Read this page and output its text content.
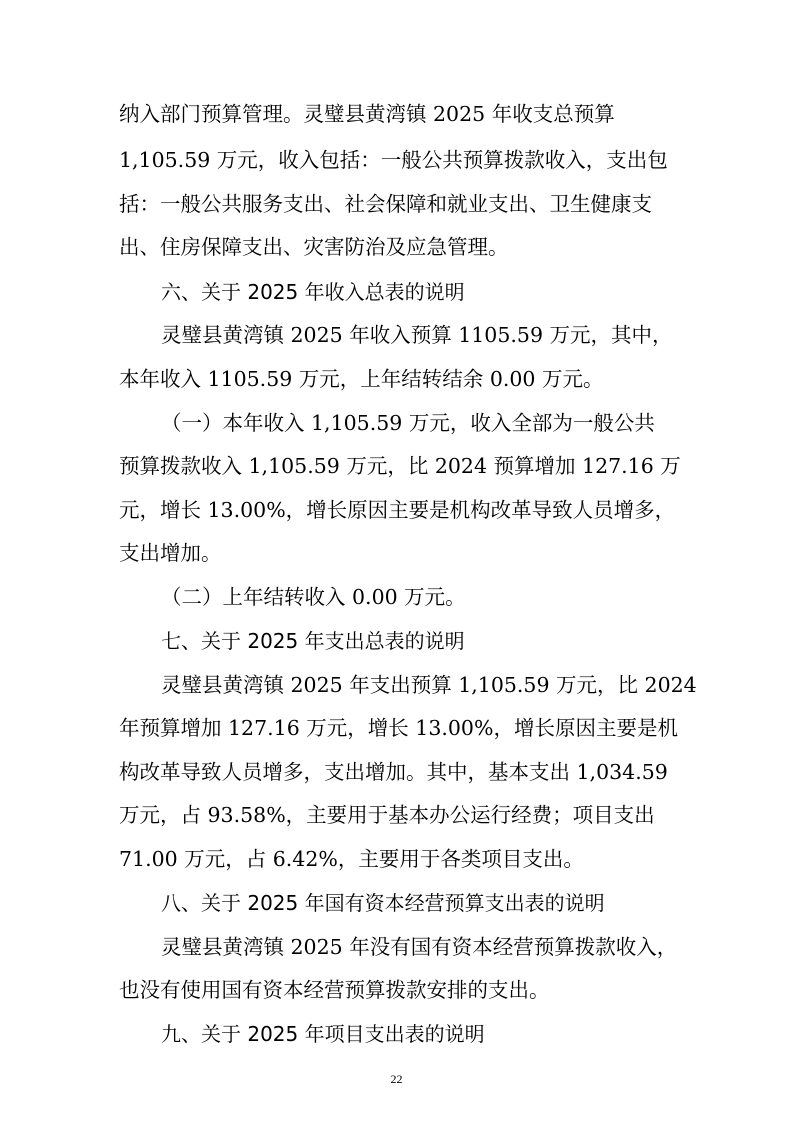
纳入部门预算管理。灵璧县黄湾镇 2025 年收支总预算
1,105.59 万元，收入包括：一般公共预算拨款收入，支出包
括：一般公共服务支出、社会保障和就业支出、卫生健康支
出、住房保障支出、灾害防治及应急管理。
六、关于 2025 年收入总表的说明
灵璧县黄湾镇 2025 年收入预算 1105.59 万元，其中，
本年收入 1105.59 万元，上年结转结余 0.00 万元。
（一）本年收入 1,105.59 万元，收入全部为一般公共
预算拨款收入 1,105.59 万元，比 2024 预算增加 127.16 万
元，增长 13.00%，增长原因主要是机构改革导致人员增多，
支出增加。
（二）上年结转收入 0.00 万元。
七、关于 2025 年支出总表的说明
灵璧县黄湾镇 2025 年支出预算 1,105.59 万元，比 2024
年预算增加 127.16 万元，增长 13.00%，增长原因主要是机
构改革导致人员增多，支出增加。其中，基本支出 1,034.59
万元，占 93.58%，主要用于基本办公运行经费；项目支出
71.00 万元，占 6.42%，主要用于各类项目支出。
八、关于 2025 年国有资本经营预算支出表的说明
灵璧县黄湾镇 2025 年没有国有资本经营预算拨款收入，
也没有使用国有资本经营预算拨款安排的支出。
九、关于 2025 年项目支出表的说明
22
